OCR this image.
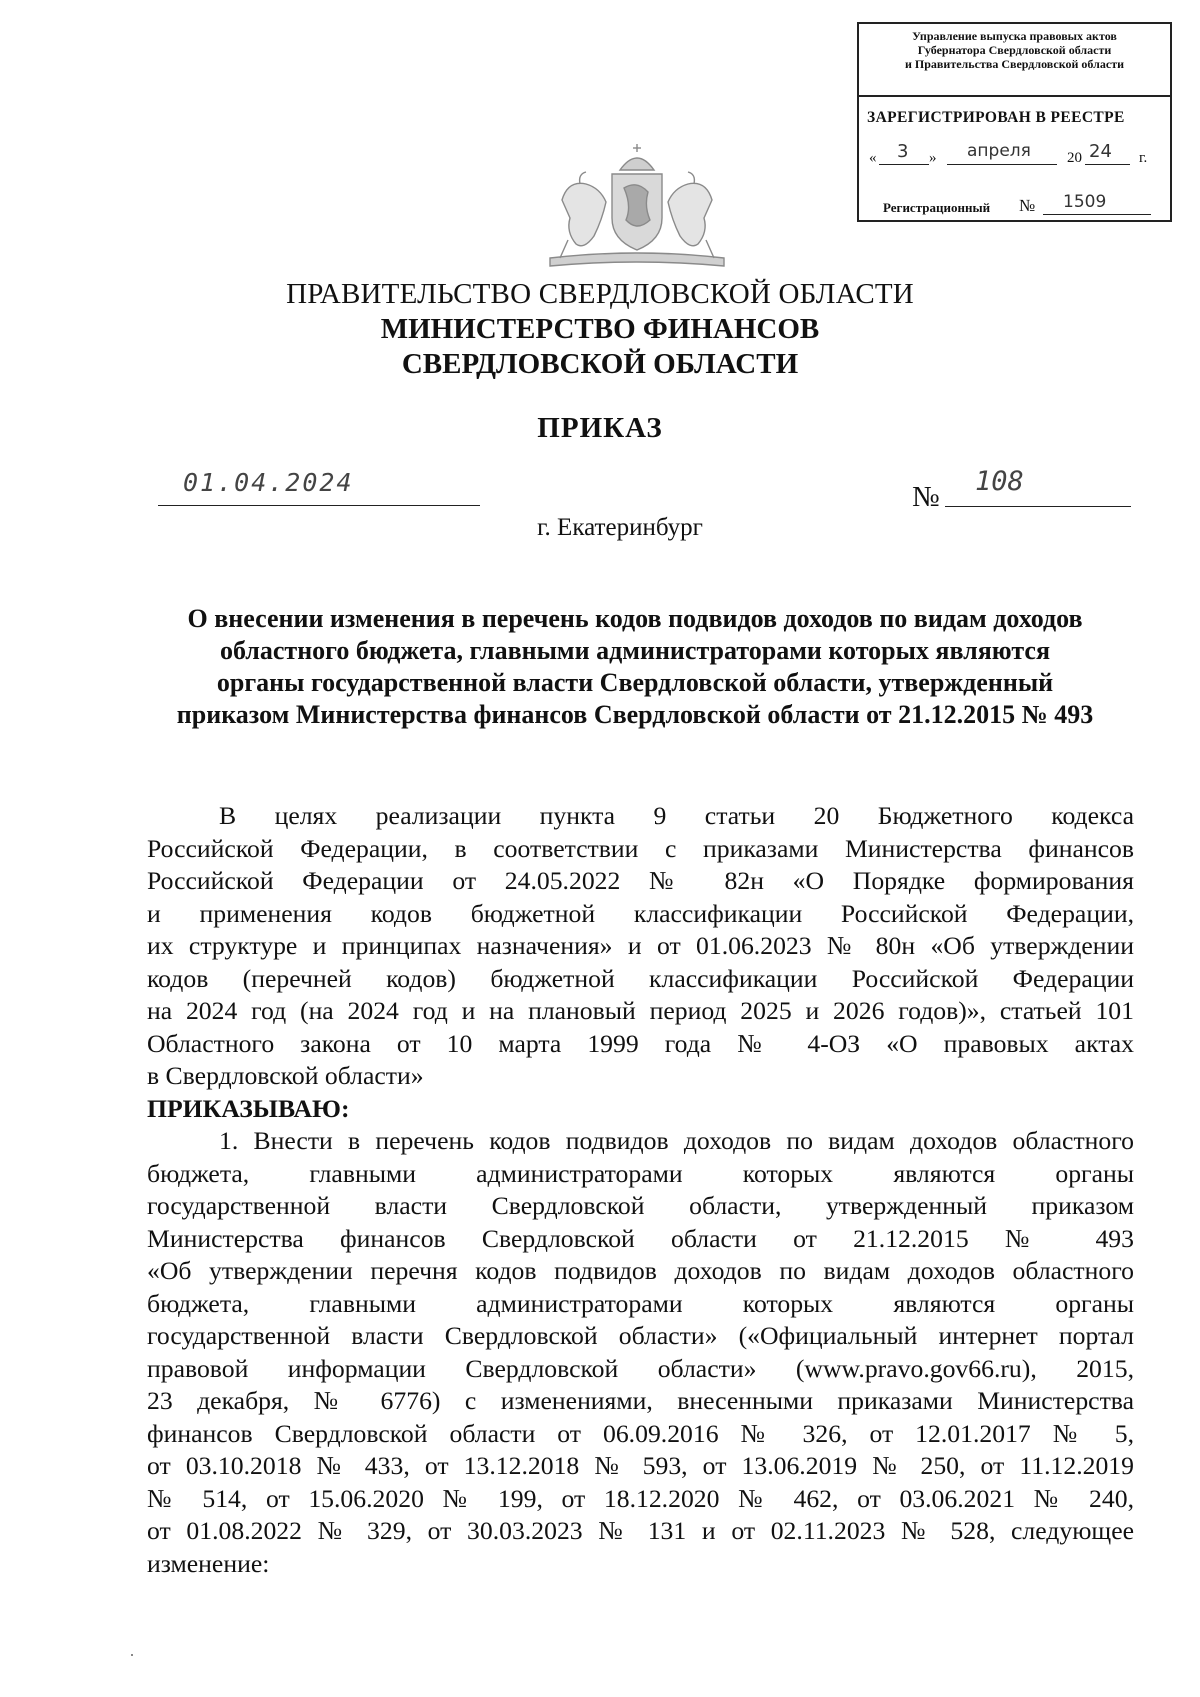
Управление выпуска правовых актов
Губернатора Свердловской области
и Правительства Свердловской области
ЗАРЕГИСТРИРОВАН В РЕЕСТРЕ
« 3 » апреля 20 24 г.
Регистрационный № 1509
ПРАВИТЕЛЬСТВО СВЕРДЛОВСКОЙ ОБЛАСТИ
МИНИСТЕРСТВО ФИНАНСОВ
СВЕРДЛОВСКОЙ ОБЛАСТИ
ПРИКАЗ
01.04.2024	№ 108
г. Екатеринбург
О внесении изменения в перечень кодов подвидов доходов по видам доходов
областного бюджета, главными администраторами которых являются
органы государственной власти Свердловской области, утвержденный
приказом Министерства финансов Свердловской области от 21.12.2015 № 493

В целях реализации пункта 9 статьи 20 Бюджетного кодекса

Российской Федерации, в соответствии с приказами Министерства финансов

Российской Федерации от 24.05.2022 № 82н «О Порядке формирования

и применения кодов бюджетной классификации Российской Федерации,

их структуре и принципах назначения» и от 01.06.2023 № 80н «Об утверждении

кодов (перечней кодов) бюджетной классификации Российской Федерации

на 2024 год (на 2024 год и на плановый период 2025 и 2026 годов)», статьей 101

Областного закона от 10 марта 1999 года № 4-ОЗ «О правовых актах

в Свердловской области»

ПРИКАЗЫВАЮ:

1. Внести в перечень кодов подвидов доходов по видам доходов областного

бюджета, главными администраторами которых являются органы

государственной власти Свердловской области, утвержденный приказом

Министерства финансов Свердловской области от 21.12.2015 № 493

«Об утверждении перечня кодов подвидов доходов по видам доходов областного

бюджета, главными администраторами которых являются органы

государственной власти Свердловской области» («Официальный интернет портал

правовой информации Свердловской области» (www.pravo.gov66.ru), 2015,

23 декабря, № 6776) с изменениями, внесенными приказами Министерства

финансов Свердловской области от 06.09.2016 № 326, от 12.01.2017 № 5,

от 03.10.2018 № 433, от 13.12.2018 № 593, от 13.06.2019 № 250, от 11.12.2019

№ 514, от 15.06.2020 № 199, от 18.12.2020 № 462, от 03.06.2021 № 240,

от 01.08.2022 № 329, от 30.03.2023 № 131 и от 02.11.2023 № 528, следующее

изменение:
